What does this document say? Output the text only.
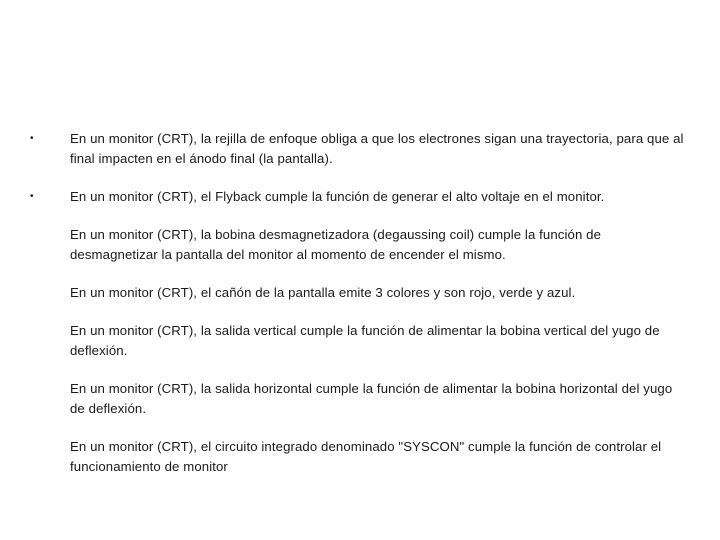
•	En un monitor (CRT), la rejilla de enfoque obliga a que los electrones sigan una trayectoria, para que al final impacten en el ánodo final (la pantalla).
•	En un monitor (CRT), el Flyback cumple la función de generar el alto voltaje en el monitor.
En un monitor (CRT), la bobina desmagnetizadora (degaussing coil) cumple la función de desmagnetizar la pantalla del monitor al momento de encender el mismo.
En un monitor (CRT), el cañón de la pantalla emite 3 colores y son rojo, verde y azul.
En un monitor (CRT), la salida vertical cumple la función de alimentar la bobina vertical del yugo de deflexión.
En un monitor (CRT), la salida horizontal cumple la función de alimentar la bobina horizontal del yugo de deflexión.
En un monitor (CRT), el circuito integrado denominado "SYSCON" cumple la función de controlar el funcionamiento de monitor
